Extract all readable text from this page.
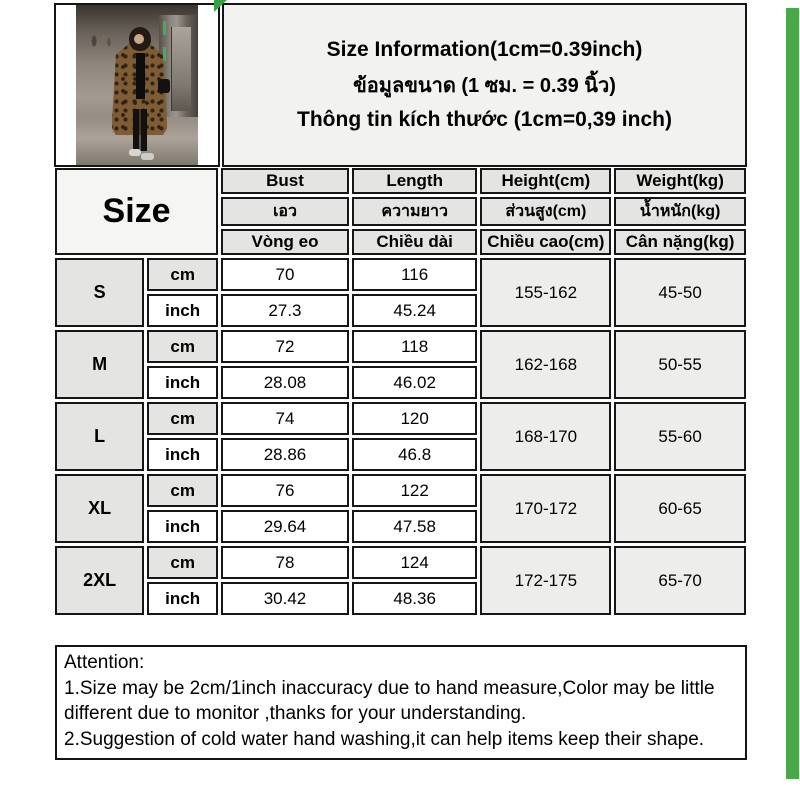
Size Information(1cm=0.39inch)
ข้อมูลขนาด (1 ซม. = 0.39 นิ้ว)
Thông tin kích thước (1cm=0,39 inch)
Size		Bust	Length	Height(cm)	Weight(kg)
		เอว	ความยาว	ส่วนสูง(cm)	น้ำหนัก(kg)
		Vòng eo	Chiều dài	Chiều cao(cm)	Cân nặng(kg)
S	cm	70	116	155-162	45-50
	inch	27.3	45.24		
M	cm	72	118	162-168	50-55
	inch	28.08	46.02		
L	cm	74	120	168-170	55-60
	inch	28.86	46.8		
XL	cm	76	122	170-172	60-65
	inch	29.64	47.58		
2XL	cm	78	124	172-175	65-70
	inch	30.42	48.36		
Attention:
1.Size may be 2cm/1inch inaccuracy due to hand measure,Color may be little different due to monitor ,thanks for your understanding.
2.Suggestion of cold water hand washing,it can help items keep their shape.
